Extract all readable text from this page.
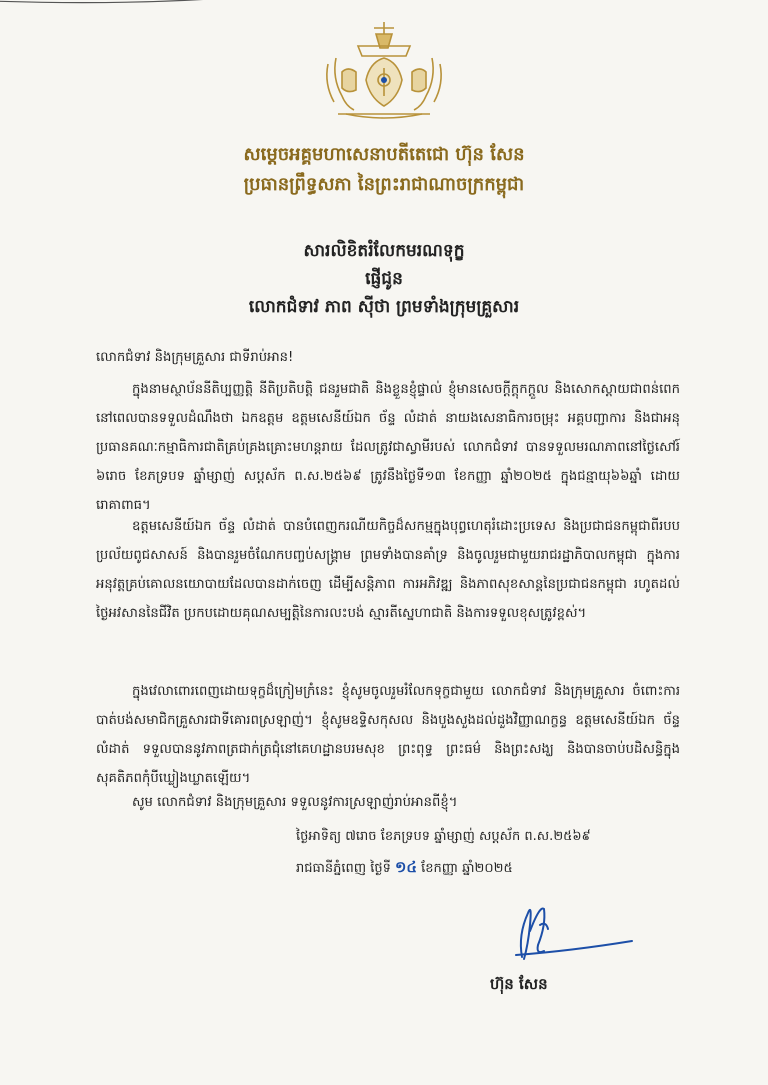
សម្ដេចអគ្គមហាសេនាបតីតេជោ ហ៊ុន សែន
ប្រធានព្រឹទ្ធសភា នៃព្រះរាជាណាចក្រកម្ពុជា
សារលិខិតរំលែកមរណទុក្ខ
ផ្ញើជូន
លោកជំទាវ ភាព ស៊ីថា ព្រមទាំងក្រុមគ្រួសារ
លោកជំទាវ និងក្រុមគ្រួសារ ជាទីរាប់អាន!

ក្នុងនាមស្ថាប័ននីតិប្បញ្ញត្តិ នីតិប្រតិបត្តិ ជនរួមជាតិ និងខ្លួនខ្ញុំផ្ទាល់ ខ្ញុំមានសេចក្ដីក្ដុកក្ដួល និងសោកស្ដាយជាពន់ពេក នៅពេលបានទទួលដំណឹងថា ឯកឧត្តម ឧត្តមសេនីយ៍ឯក ច័ន្ទ លំដាត់ នាយងសេនាធិការចម្រុះ អគ្គបញ្ជាការ និងជាអនុប្រធានគណៈកម្មាធិការជាតិគ្រប់គ្រងគ្រោះមហន្តរាយ ដែលត្រូវជាស្វាមីរបស់ លោកជំទាវ បានទទួលមរណភាពនៅថ្ងៃសៅរ៍ ៦រោច ខែភទ្របទ ឆ្នាំម្សាញ់ សប្ដស័ក ព.ស.២៥៦៩ ត្រូវនឹងថ្ងៃទី១៣ ខែកញ្ញា ឆ្នាំ២០២៥ ក្នុងជន្មាយុ៦៦ឆ្នាំ ដោយរោគាពាធ។

ឧត្តមសេនីយ៍ឯក ច័ន្ទ លំដាត់ បានបំពេញករណីយកិច្ចដ៏សកម្មក្នុងបុព្វហេតុរំដោះប្រទេស និងប្រជាជនកម្ពុជាពីរបបប្រល័យពូជសាសន៍ និងបានរួមចំណែកបញ្ចប់សង្គ្រាម ព្រមទាំងបានគាំទ្រ និងចូលរួមជាមួយរាជរដ្ឋាភិបាលកម្ពុជា ក្នុងការអនុវត្តគ្រប់គោលនយោបាយដែលបានដាក់ចេញ ដើម្បីសន្តិភាព ការអភិវឌ្ឍ និងភាពសុខសាន្តនៃប្រជាជនកម្ពុជា រហូតដល់ថ្ងៃអវសាននៃជីវិត ប្រកបដោយគុណសម្បត្តិនៃការលះបង់ ស្មារតីស្នេហាជាតិ និងការទទួលខុសត្រូវខ្ពស់។

ក្នុងវេលាពោរពេញដោយទុក្ខដ៏ក្រៀមក្រំនេះ ខ្ញុំសូមចូលរួមរំលែកទុក្ខជាមួយ លោកជំទាវ និងក្រុមគ្រួសារ ចំពោះការបាត់បង់សមាជិកគ្រួសារជាទីគោរពស្រឡាញ់។ ខ្ញុំសូមឧទ្ទិសកុសល និងបួងសួងដល់ដួងវិញ្ញាណក្ខន្ធ ឧត្តមសេនីយ៍ឯក ច័ន្ទ លំដាត់ ទទួលបាននូវភាពត្រជាក់ត្រជុំនៅគេហដ្ឋានបរមសុខ ព្រះពុទ្ធ ព្រះធម៌ និងព្រះសង្ឃ និងបានចាប់បដិសន្ធិក្នុងសុគតិភពកុំបីឃ្លៀងឃ្លាតឡើយ។

សូម លោកជំទាវ និងក្រុមគ្រួសារ ទទួលនូវការស្រឡាញ់រាប់អានពីខ្ញុំ។
ថ្ងៃអាទិត្យ ៧រោច ខែភទ្របទ ឆ្នាំម្សាញ់ សប្ដស័ក ព.ស.២៥៦៩
រាជធានីភ្នំពេញ ថ្ងៃទី ១៤ ខែកញ្ញា ឆ្នាំ២០២៥
ហ៊ុន សែន
